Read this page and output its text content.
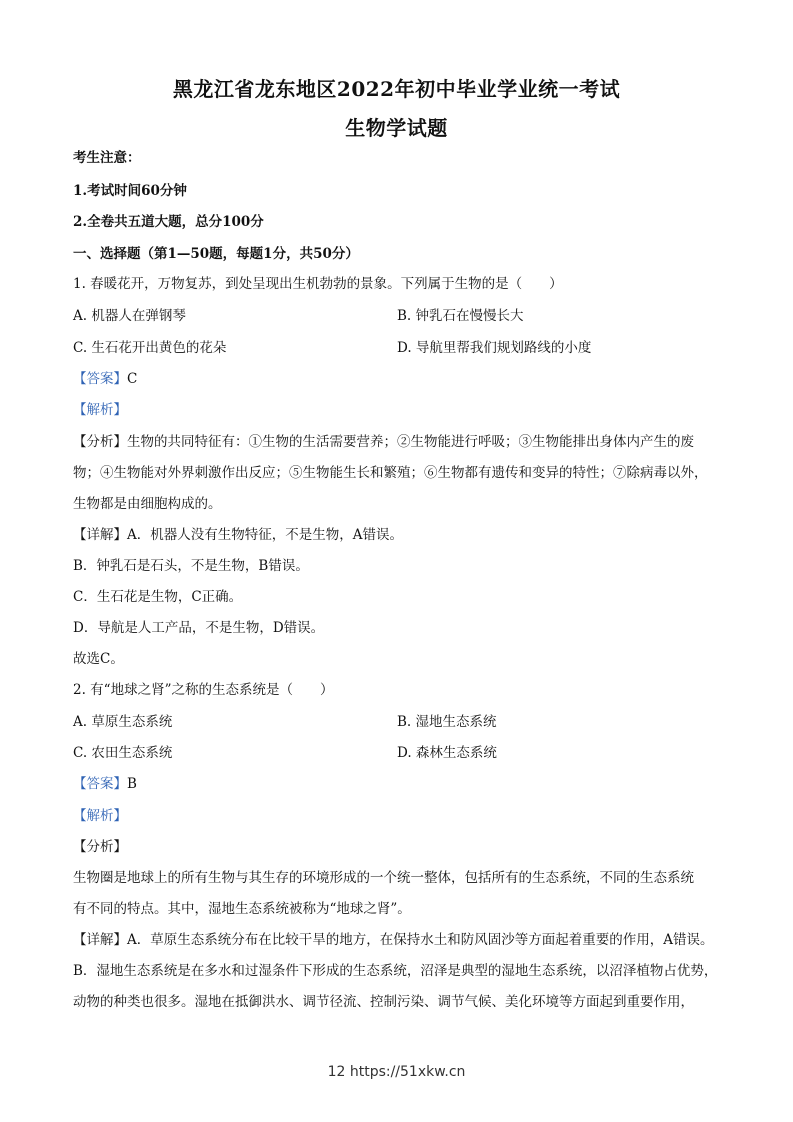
黑龙江省龙东地区2022年初中毕业学业统一考试
生物学试题
考生注意：
1.考试时间60分钟
2.全卷共五道大题，总分100分
一、选择题（第1—50题，每题1分，共50分）
1. 春暖花开，万物复苏，到处呈现出生机勃勃的景象。下列属于生物的是（　　）
A. 机器人在弹钢琴	B. 钟乳石在慢慢长大
C. 生石花开出黄色的花朵	D. 导航里帮我们规划路线的小度
【答案】C
【解析】
【分析】生物的共同特征有：①生物的生活需要营养；②生物能进行呼吸；③生物能排出身体内产生的废
物；④生物能对外界刺激作出反应；⑤生物能生长和繁殖；⑥生物都有遗传和变异的特性；⑦除病毒以外，
生物都是由细胞构成的。
【详解】A．机器人没有生物特征，不是生物，A错误。
B．钟乳石是石头，不是生物，B错误。
C．生石花是生物，C正确。
D．导航是人工产品，不是生物，D错误。
故选C。
2. 有“地球之肾”之称的生态系统是（　　）
A. 草原生态系统	B. 湿地生态系统
C. 农田生态系统	D. 森林生态系统
【答案】B
【解析】
【分析】
生物圈是地球上的所有生物与其生存的环境形成的一个统一整体，包括所有的生态系统，不同的生态系统
有不同的特点。其中，湿地生态系统被称为“地球之肾”。
【详解】A．草原生态系统分布在比较干旱的地方，在保持水土和防风固沙等方面起着重要的作用，A错误。
B．湿地生态系统是在多水和过湿条件下形成的生态系统，沼泽是典型的湿地生态系统，以沼泽植物占优势，
动物的种类也很多。湿地在抵御洪水、调节径流、控制污染、调节气候、美化环境等方面起到重要作用，
12 https://51xkw.cn
